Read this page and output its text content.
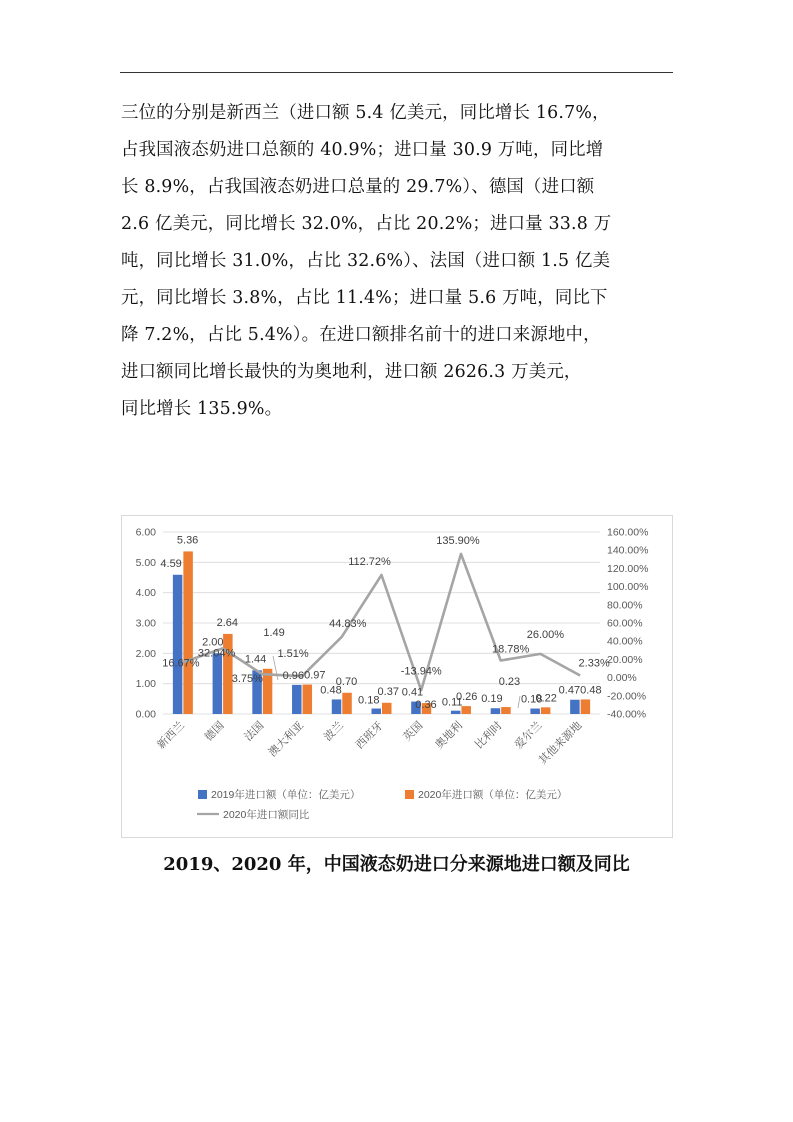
三位的分别是新西兰（进口额 5.4 亿美元，同比增长 16.7%，
占我国液态奶进口总额的 40.9%；进口量 30.9 万吨，同比增
长 8.9%，占我国液态奶进口总量的 29.7%）、德国（进口额
2.6 亿美元，同比增长 32.0%，占比 20.2%；进口量 33.8 万
吨，同比增长 31.0%，占比 32.6%）、法国（进口额 1.5 亿美
元，同比增长 3.8%，占比 11.4%；进口量 5.6 万吨，同比下
降 7.2%，占比 5.4%）。在进口额排名前十的进口来源地中，
进口额同比增长最快的为奥地利，进口额 2626.3 万美元，
同比增长 135.9%。
0.00
1.00
2.00
3.00
4.00
5.00
6.00
-40.00%
-20.00%
0.00%
20.00%
40.00%
60.00%
80.00%
100.00%
120.00%
140.00%
160.00%
4.59
2.00
1.44
0.96
0.48
0.18
0.41
0.11 0.19 0.18
0.47
5.36
2.64
1.49
0.97
0.70
0.37
0.36
0.26
0.23
0.22
0.48
16.67%
32.04%
3.75%
1.51%
44.83%
112.72%
-13.94%
135.90%
18.78%
26.00%
2.33%
新西兰 德国 法国 澳大利亚 波兰 西班牙 英国 奥地利 比利时 爱尔兰
其他来源地
2019年进口额（单位：亿美元）	2020年进口额（单位：亿美元）
2020年进口额同比
2019、2020 年，中国液态奶进口分来源地进口额及同比
